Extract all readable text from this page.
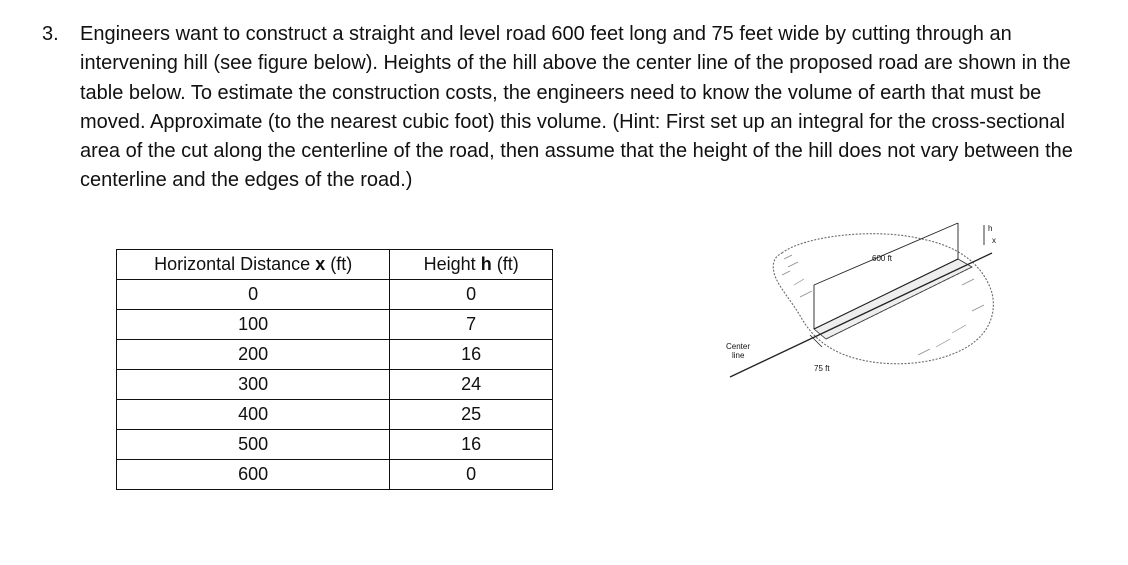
3. Engineers want to construct a straight and level road 600 feet long and 75 feet wide by cutting through an intervening hill (see figure below). Heights of the hill above the center line of the proposed road are shown in the table below. To estimate the construction costs, the engineers need to know the volume of earth that must be moved. Approximate (to the nearest cubic foot) this volume. (Hint: First set up an integral for the cross-sectional area of the cut along the centerline of the road, then assume that the height of the hill does not vary between the centerline and the edges of the road.)
Horizontal Distance x (ft)	Height h (ft)
0	0
100	7
200	16
300	24
400	25
500	16
600	0
600 ft
75 ft
Center
line
h
x
